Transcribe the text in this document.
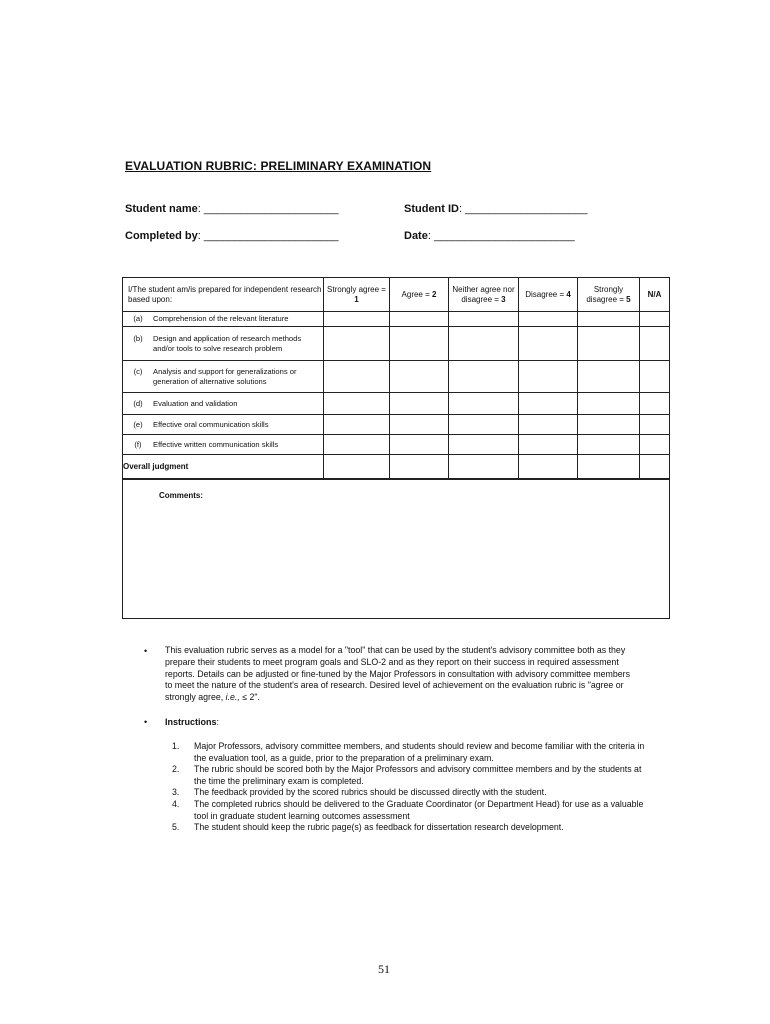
EVALUATION RUBRIC: PRELIMINARY EXAMINATION
Student name: ______________________	Student ID: ____________________
Completed by: ______________________	Date: _______________________
I/The student am/is prepared for independent research based upon:	Strongly agree = 1	Agree = 2	Neither agree nor disagree = 3	Disagree = 4	Strongly disagree = 5	N/A
(a) Comprehension of the relevant literature						
(b) Design and application of research methods and/or tools to solve research problem						
(c) Analysis and support for generalizations or generation of alternative solutions						
(d) Evaluation and validation						
(e) Effective oral communication skills						
(f) Effective written communication skills						
Overall judgment						

Comments:						
• This evaluation rubric serves as a model for a "tool" that can be used by the student's advisory committee both as they prepare their students to meet program goals and SLO-2 and as they report on their success in required assessment reports. Details can be adjusted or fine-tuned by the Major Professors in consultation with advisory committee members to meet the nature of the student's area of research. Desired level of achievement on the evaluation rubric is "agree or strongly agree, i.e., ≤ 2".
• Instructions:
1. Major Professors, advisory committee members, and students should review and become familiar with the criteria in the evaluation tool, as a guide, prior to the preparation of a preliminary exam.
2. The rubric should be scored both by the Major Professors and advisory committee members and by the students at the time the preliminary exam is completed.
3. The feedback provided by the scored rubrics should be discussed directly with the student.
4. The completed rubrics should be delivered to the Graduate Coordinator (or Department Head) for use as a valuable tool in graduate student learning outcomes assessment
5. The student should keep the rubric page(s) as feedback for dissertation research development.
51
